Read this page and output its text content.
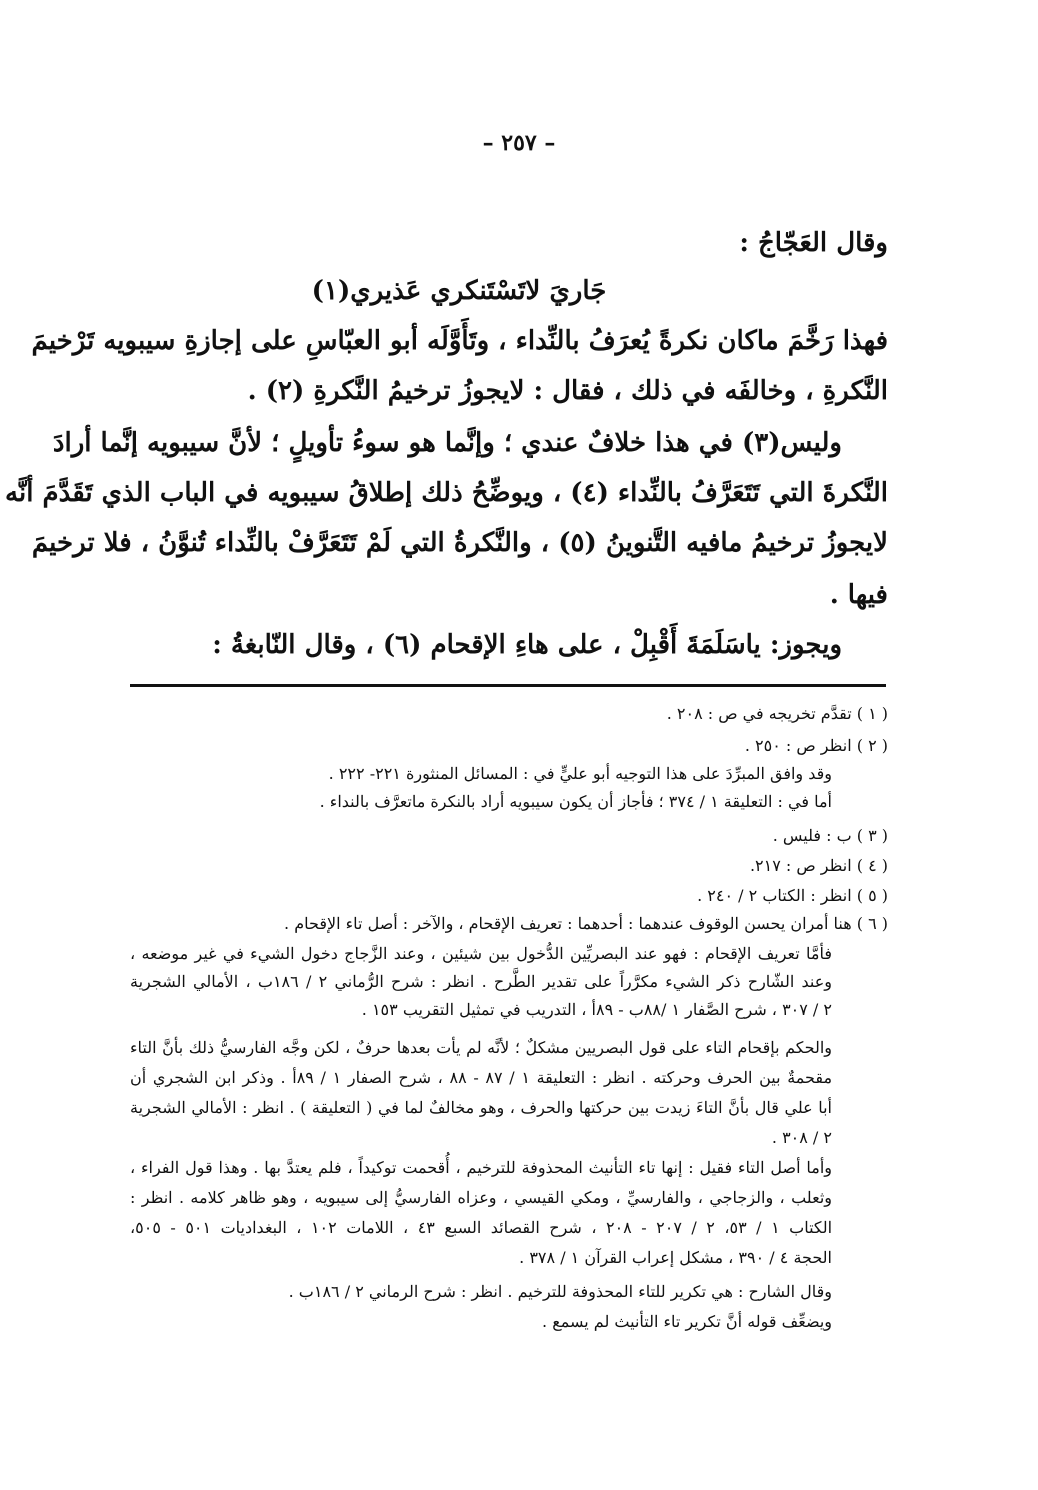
– ٢٥٧ –
وقال العَجّاجُ :
جَاريَ لاتَسْتَنكري عَذيري(١)
فهذا رَخَّمَ ماكان نكرةً يُعرَفُ بالنِّداء ، وتَأَوَّلَه أبو العبّاسِ على إجازةِ سيبويه تَرْخيمَ
النَّكرةِ ، وخالفَه في ذلك ، فقال : لايجوزُ ترخيمُ النَّكرةِ (٢) .
وليس(٣) في هذا خلافٌ عندي ؛ وإنَّما هو سوءُ تأويلٍ ؛ لأنَّ سيبويه إنَّما أرادَ
النَّكرةَ التي تَتَعَرَّفُ بالنِّداء (٤) ، ويوضِّحُ ذلك إطلاقُ سيبويه في الباب الذي تَقَدَّمَ أنَّه
لايجوزُ ترخيمُ مافيه التَّنوينُ (٥) ، والنَّكرةُ التي لَمْ تَتَعَرَّفْ بالنِّداء تُنوَّنُ ، فلا ترخيمَ
فيها .
ويجوز: ياسَلَمَةَ أَقْبِلْ ، على هاءِ الإقحام (٦) ، وقال النّابغةُ :
( ١ ) تقدَّم تخريجه في ص : ٢٠٨ .
( ٢ ) انظر ص : ٢٥٠ .
وقد وافق المبرِّدَ على هذا التوجيه أبو عليٍّ في : المسائل المنثورة ٢٢١- ٢٢٢ .
أما في : التعليقة ١ / ٣٧٤ ؛ فأجاز أن يكون سيبويه أراد بالنكرة ماتعرَّف بالنداء .
( ٣ ) ب : فليس .
( ٤ ) انظر ص : ٢١٧.
( ٥ ) انظر : الكتاب ٢ / ٢٤٠ .
( ٦ ) هنا أمران يحسن الوقوف عندهما : أحدهما : تعريف الإقحام ، والآخر : أصل تاء الإقحام .
فأمَّا تعريف الإقحام : فهو عند البصريِّين الدُّخول بين شيئين ، وعند الزَّجاج دخول الشيء في غير موضعه ،
وعند الشّارح ذكر الشيء مكرَّراً على تقدير الطَّرح . انظر : شرح الرُّماني ٢ / ١٨٦ب ، الأمالي الشجرية
٢ / ٣٠٧ ، شرح الصَّفار ١ /٨٨ب - ٨٩أ ، التدريب في تمثيل التقريب ١٥٣ .
والحكم بإقحام التاء على قول البصريين مشكلٌ ؛ لأنَّه لم يأت بعدها حرفٌ ، لكن وجَّه الفارسيُّ ذلك بأنَّ التاء
مقحمةٌ بين الحرف وحركته . انظر : التعليقة ١ / ٨٧ - ٨٨ ، شرح الصفار ١ / ٨٩أ . وذكر ابن الشجري أن
أبا علي قال بأنَّ التاءَ زيدت بين حركتها والحرف ، وهو مخالفٌ لما في ( التعليقة ) . انظر : الأمالي الشجرية
٢ / ٣٠٨ .
وأما أصل التاء فقيل : إنها تاء التأنيث المحذوفة للترخيم ، أُقحمت توكيداً ، فلم يعتدَّ بها . وهذا قول الفراء ،
وثعلب ، والزجاجي ، والفارسيِّ ، ومكي القيسي ، وعزاه الفارسيُّ إلى سيبويه ، وهو ظاهر كلامه . انظر :
الكتاب ١ / ٥٣، ٢ / ٢٠٧ - ٢٠٨ ، شرح القصائد السبع ٤٣ ، اللامات ١٠٢ ، البغداديات ٥٠١ - ٥٠٥،
الحجة ٤ / ٣٩٠ ، مشكل إعراب القرآن ١ / ٣٧٨ .
وقال الشارح : هي تكرير للتاء المحذوفة للترخيم . انظر : شرح الرماني ٢ / ١٨٦ب .
ويضعِّف قوله أنَّ تكرير تاء التأنيث لم يسمع .
